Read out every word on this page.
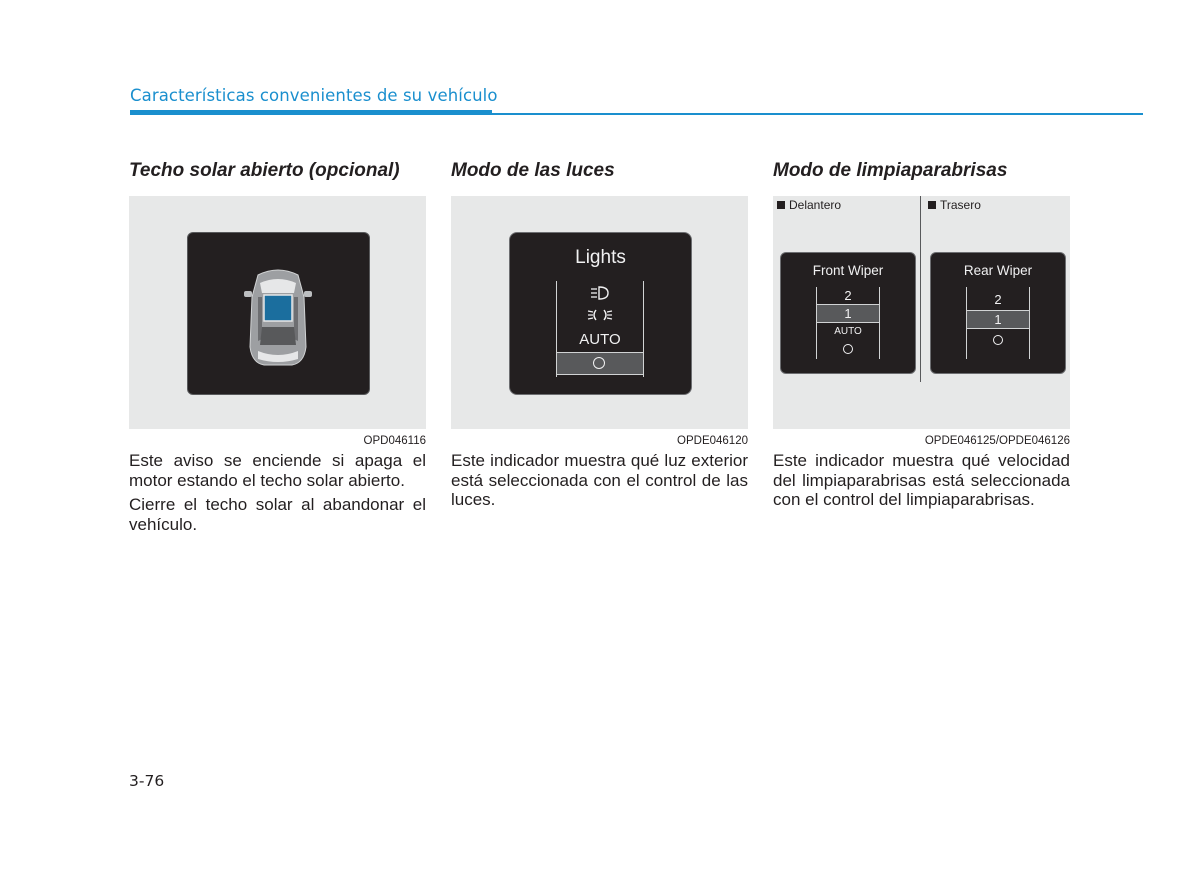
Características convenientes de su vehículo
Techo solar abierto (opcional)
OPD046116

Este aviso se enciende si apaga el motor estando el techo solar abierto.

Cierre el techo solar al abandonar el vehículo.

Modo de las luces
Lights
AUTO
OPDE046120

Este indicador muestra qué luz exterior está seleccionada con el control de las luces.

Modo de limpiaparabrisas
Delantero	Trasero
Front Wiper
2
1
AUTO
Rear Wiper
2
1
OPDE046125/OPDE046126

Este indicador muestra qué velocidad del limpiaparabrisas está seleccionada con el control del limpiaparabrisas.

3-76
